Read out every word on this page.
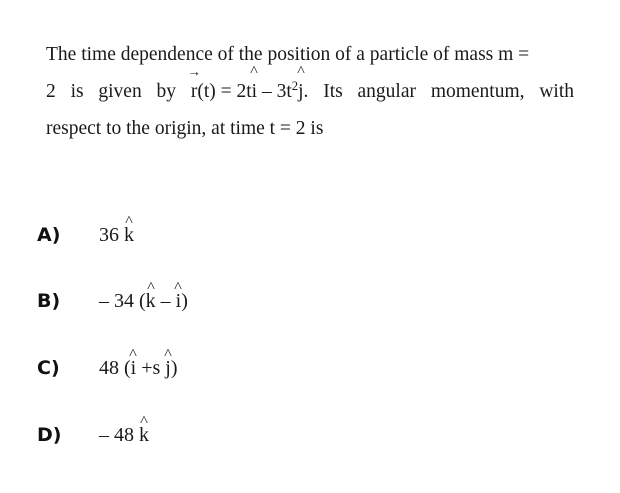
The time dependence of the position of a particle of mass m =
2 is given by
→ r(t) = 2t^ i – $3t^2\^{}$ j. Its angular momentum, with
respect to the origin, at time t = 2 is
A)	36 ^ k
B)	– 34 (^ k – ^ i)
C)	48 (^ i +s ^ j)
D)	– 48 ^ k
